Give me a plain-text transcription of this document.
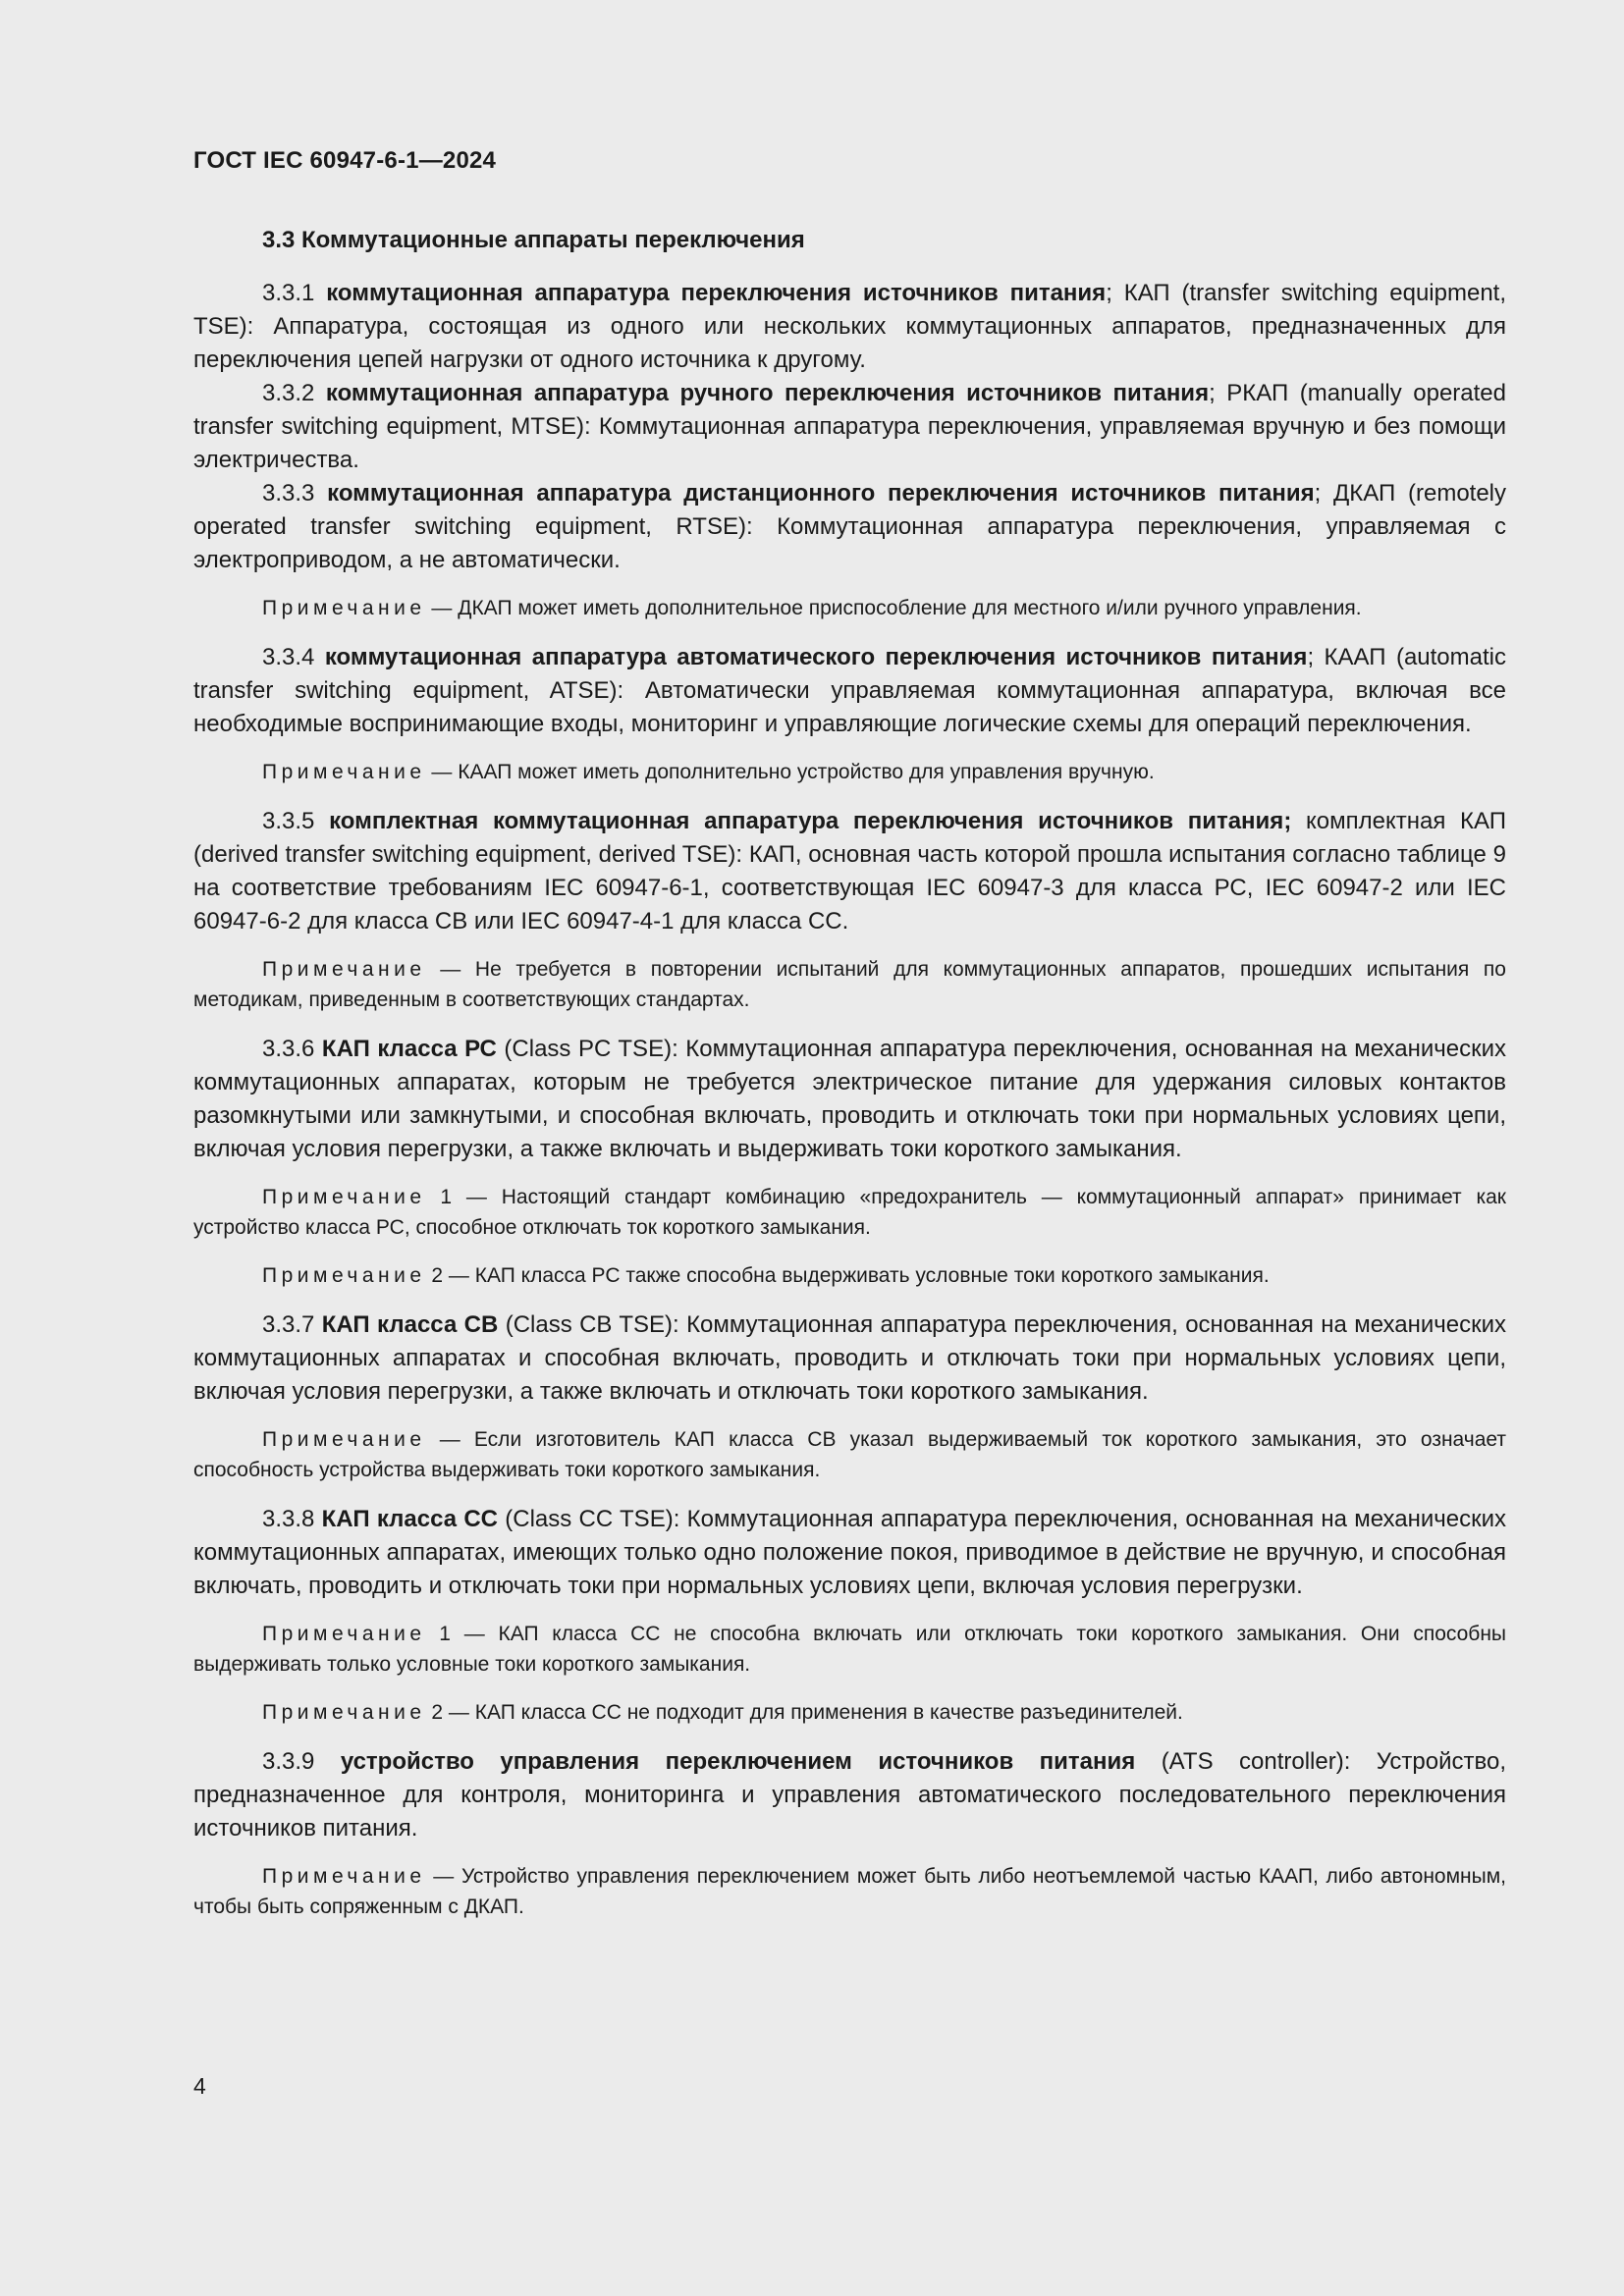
ГОСТ IEC 60947-6-1—2024

3.3 Коммутационные аппараты переключения

3.3.1 коммутационная аппаратура переключения источников питания; КАП (transfer switching equipment, TSE): Аппаратура, состоящая из одного или нескольких коммутационных аппаратов, предназначенных для переключения цепей нагрузки от одного источника к другому.

3.3.2 коммутационная аппаратура ручного переключения источников питания; РКАП (manually operated transfer switching equipment, MTSE): Коммутационная аппаратура переключения, управляемая вручную и без помощи электричества.

3.3.3 коммутационная аппаратура дистанционного переключения источников питания; ДКАП (remotely operated transfer switching equipment, RTSE): Коммутационная аппаратура переключения, управляемая с электроприводом, а не автоматически.

Примечание — ДКАП может иметь дополнительное приспособление для местного и/или ручного управления.

3.3.4 коммутационная аппаратура автоматического переключения источников питания; КААП (automatic transfer switching equipment, ATSE): Автоматически управляемая коммутационная аппаратура, включая все необходимые воспринимающие входы, мониторинг и управляющие логические схемы для операций переключения.

Примечание — КААП может иметь дополнительно устройство для управления вручную.

3.3.5 комплектная коммутационная аппаратура переключения источников питания; комплектная КАП (derived transfer switching equipment, derived TSE): КАП, основная часть которой прошла испытания согласно таблице 9 на соответствие требованиям IEC 60947-6-1, соответствующая IEC 60947-3 для класса РС, IEC 60947-2 или IEC 60947-6-2 для класса СВ или IEC 60947-4-1 для класса СС.

Примечание — Не требуется в повторении испытаний для коммутационных аппаратов, прошедших испытания по методикам, приведенным в соответствующих стандартах.

3.3.6 КАП класса РС (Class PC TSE): Коммутационная аппаратура переключения, основанная на механических коммутационных аппаратах, которым не требуется электрическое питание для удержания силовых контактов разомкнутыми или замкнутыми, и способная включать, проводить и отключать токи при нормальных условиях цепи, включая условия перегрузки, а также включать и выдерживать токи короткого замыкания.

Примечание 1 — Настоящий стандарт комбинацию «предохранитель — коммутационный аппарат» принимает как устройство класса РС, способное отключать ток короткого замыкания.

Примечание 2 — КАП класса РС также способна выдерживать условные токи короткого замыкания.

3.3.7 КАП класса СВ (Class CB TSE): Коммутационная аппаратура переключения, основанная на механических коммутационных аппаратах и способная включать, проводить и отключать токи при нормальных условиях цепи, включая условия перегрузки, а также включать и отключать токи короткого замыкания.

Примечание — Если изготовитель КАП класса СВ указал выдерживаемый ток короткого замыкания, это означает способность устройства выдерживать токи короткого замыкания.

3.3.8 КАП класса СС (Class CC TSE): Коммутационная аппаратура переключения, основанная на механических коммутационных аппаратах, имеющих только одно положение покоя, приводимое в действие не вручную, и способная включать, проводить и отключать токи при нормальных условиях цепи, включая условия перегрузки.

Примечание 1 — КАП класса СС не способна включать или отключать токи короткого замыкания. Они способны выдерживать только условные токи короткого замыкания.

Примечание 2 — КАП класса СС не подходит для применения в качестве разъединителей.

3.3.9 устройство управления переключением источников питания (ATS controller): Устройство, предназначенное для контроля, мониторинга и управления автоматического последовательного переключения источников питания.

Примечание — Устройство управления переключением может быть либо неотъемлемой частью КААП, либо автономным, чтобы быть сопряженным с ДКАП.

4
